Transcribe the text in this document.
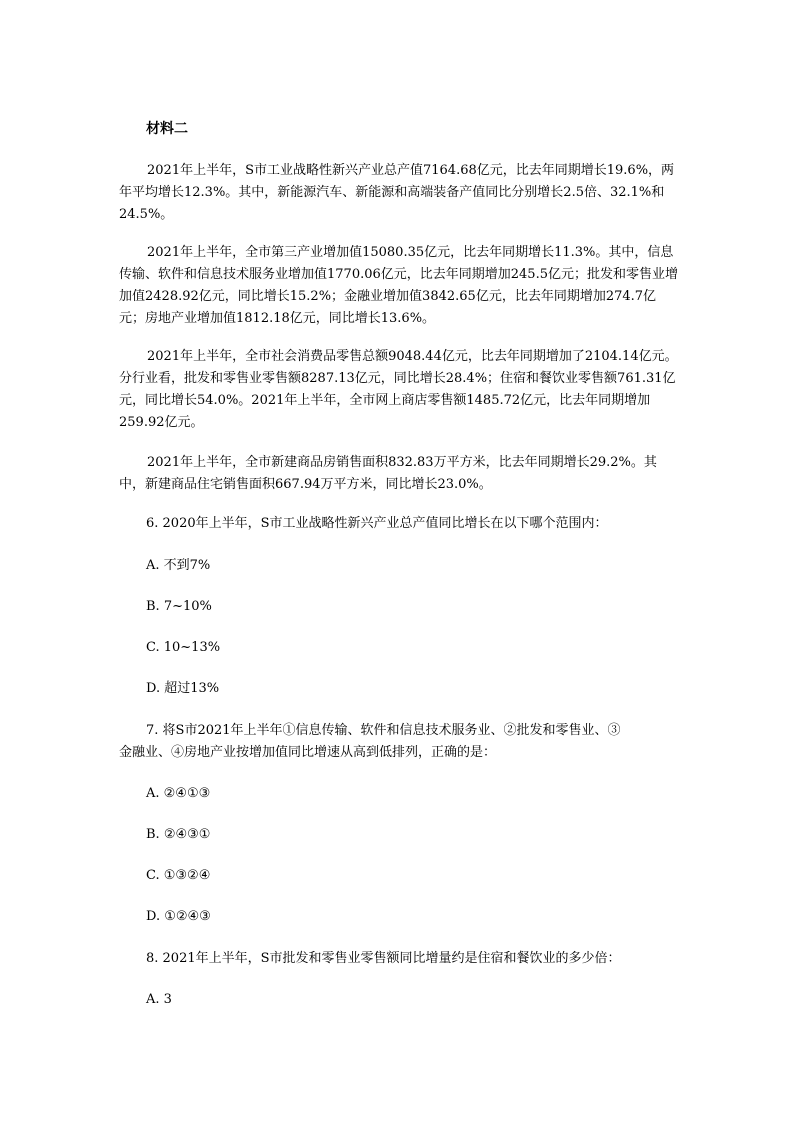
材料二
2021年上半年，S市工业战略性新兴产业总产值7164.68亿元，比去年同期增长19.6%，两年平均增长12.3%。其中，新能源汽车、新能源和高端装备产值同比分别增长2.5倍、32.1%和24.5%。
2021年上半年，全市第三产业增加值15080.35亿元，比去年同期增长11.3%。其中，信息传输、软件和信息技术服务业增加值1770.06亿元，比去年同期增加245.5亿元；批发和零售业增加值2428.92亿元，同比增长15.2%；金融业增加值3842.65亿元，比去年同期增加274.7亿元；房地产业增加值1812.18亿元，同比增长13.6%。
2021年上半年，全市社会消费品零售总额9048.44亿元，比去年同期增加了2104.14亿元。分行业看，批发和零售业零售额8287.13亿元，同比增长28.4%；住宿和餐饮业零售额761.31亿元，同比增长54.0%。2021年上半年，全市网上商店零售额1485.72亿元，比去年同期增加259.92亿元。
2021年上半年，全市新建商品房销售面积832.83万平方米，比去年同期增长29.2%。其中，新建商品住宅销售面积667.94万平方米，同比增长23.0%。
6. 2020年上半年，S市工业战略性新兴产业总产值同比增长在以下哪个范围内：
A. 不到7%
B. 7~10%
C. 10~13%
D. 超过13%
7. 将S市2021年上半年①信息传输、软件和信息技术服务业、②批发和零售业、③
金融业、④房地产业按增加值同比增速从高到低排列，正确的是：
A. ②④①③
B. ②④③①
C. ①③②④
D. ①②④③
8. 2021年上半年，S市批发和零售业零售额同比增量约是住宿和餐饮业的多少倍：
A. 3
